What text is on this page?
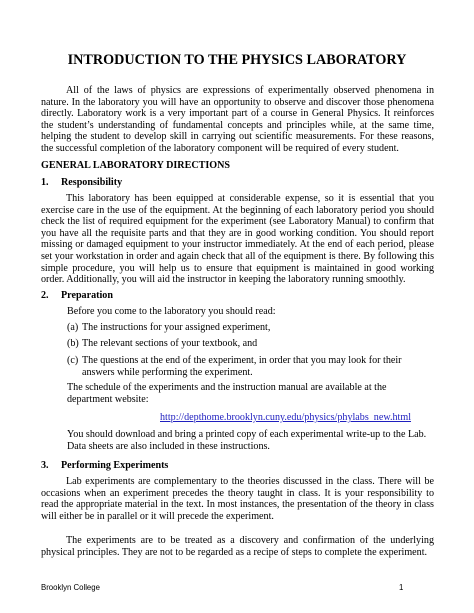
INTRODUCTION TO THE PHYSICS LABORATORY

All of the laws of physics are expressions of experimentally observed phenomena in nature. In the laboratory you will have an opportunity to observe and discover those phenomena directly. Laboratory work is a very important part of a course in General Physics. It reinforces the student’s understanding of fundamental concepts and principles while, at the same time, helping the student to develop skill in carrying out scientific measurements. For these reasons, the successful completion of the laboratory component will be required of every student.

GENERAL LABORATORY DIRECTIONS
1. Responsibility

This laboratory has been equipped at considerable expense, so it is essential that you exercise care in the use of the equipment. At the beginning of each laboratory period you should check the list of required equipment for the experiment (see Laboratory Manual) to confirm that you have all the requisite parts and that they are in good working condition. You should report missing or damaged equipment to your instructor immediately. At the end of each period, please set your workstation in order and again check that all of the equipment is there. By following this simple procedure, you will help us to ensure that equipment is maintained in good working order. Additionally, you will aid the instructor in keeping the laboratory running smoothly.

2. Preparation

Before you come to the laboratory you should read:

(a) The instructions for your assigned experiment,

(b) The relevant sections of your textbook, and

(c) The questions at the end of the experiment, in order that you may look for their answers while performing the experiment.

The schedule of the experiments and the instruction manual are available at the department website:

http://depthome.brooklyn.cuny.edu/physics/phylabs_new.html

You should download and bring a printed copy of each experimental write-up to the Lab. Data sheets are also included in these instructions.

3. Performing Experiments

Lab experiments are complementary to the theories discussed in the class. There will be occasions when an experiment precedes the theory taught in class. It is your responsibility to read the appropriate material in the text. In most instances, the presentation of the theory in class will either be in parallel or it will precede the experiment.

The experiments are to be treated as a discovery and confirmation of the underlying physical principles. They are not to be regarded as a recipe of steps to complete the experiment.

Brooklyn College	1
